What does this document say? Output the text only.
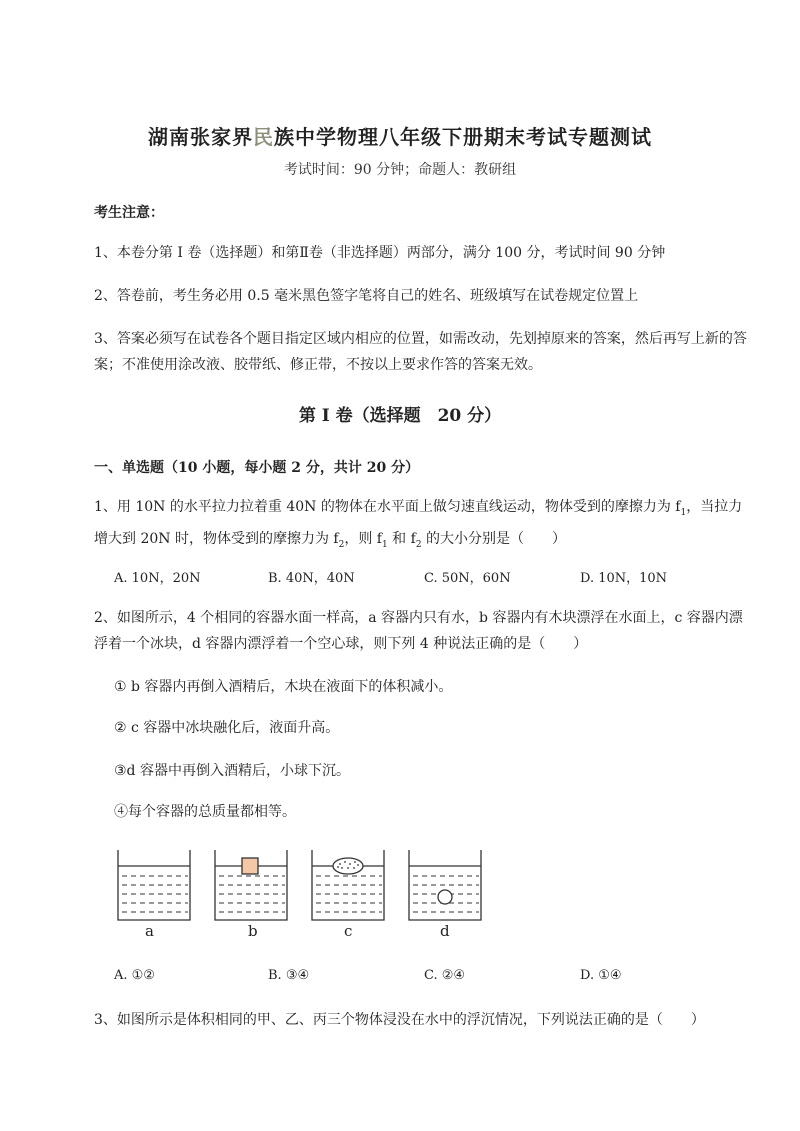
湖南张家界民族中学物理八年级下册期末考试专题测试
考试时间：90 分钟；命题人：教研组
考生注意：
1、本卷分第 I 卷（选择题）和第Ⅱ卷（非选择题）两部分，满分 100 分，考试时间 90 分钟
2、答卷前，考生务必用 0.5 毫米黑色签字笔将自己的姓名、班级填写在试卷规定位置上
3、答案必须写在试卷各个题目指定区域内相应的位置，如需改动，先划掉原来的答案，然后再写上新的答案；不准使用涂改液、胶带纸、修正带，不按以上要求作答的答案无效。
第 I 卷（选择题　20 分）
一、单选题（10 小题，每小题 2 分，共计 20 分）
1、用 10N 的水平拉力拉着重 40N 的物体在水平面上做匀速直线运动，物体受到的摩擦力为 $f_1$，当拉力增大到 20N 时，物体受到的摩擦力为 $f_2$，则 $f_1$ 和 $f_2$ 的大小分别是（　　）
A. 10N，20N	B. 40N，40N	C. 50N，60N	D. 10N，10N
2、如图所示，4 个相同的容器水面一样高，a 容器内只有水，b 容器内有木块漂浮在水面上，c 容器内漂浮着一个冰块，d 容器内漂浮着一个空心球，则下列 4 种说法正确的是（　　）
① b 容器内再倒入酒精后，木块在液面下的体积减小。
② c 容器中冰块融化后，液面升高。
③d 容器中再倒入酒精后，小球下沉。
④每个容器的总质量都相等。
a	b	c	d
A. ①②	B. ③④	C. ②④	D. ①④
3、如图所示是体积相同的甲、乙、丙三个物体浸没在水中的浮沉情况，下列说法正确的是（　　）
